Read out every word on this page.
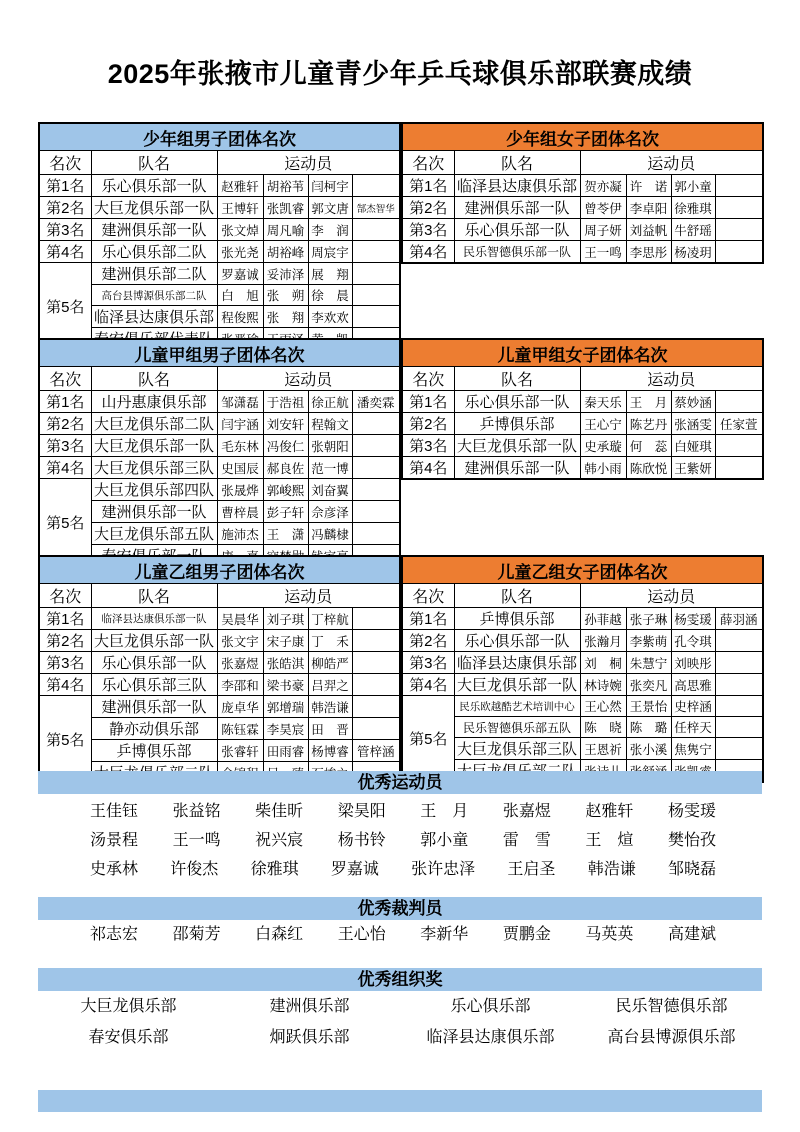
2025年张掖市儿童青少年乒乓球俱乐部联赛成绩
少年组男子团体名次					
名次	队名	运动员			
第1名	乐心俱乐部一队	赵雅轩	胡裕苇	闫柯宇	
第2名	大巨龙俱乐部一队	王博轩	张凯睿	郭文唐	郜杰智华
第3名	建洲俱乐部一队	张文焯	周凡喻	李　润	
第4名	乐心俱乐部二队	张光尧	胡裕峰	周宸宇	
第5名	建洲俱乐部二队	罗嘉诚	妥沛泽	展　翔	
	高台县博源俱乐部二队	白　旭	张　朔	徐　晨	
	临泽县达康俱乐部	程俊熙	张　翔	李欢欢	

少年组女子团体名次					
名次	队名	运动员			
第1名	临泽县达康俱乐部	贺亦凝	许　诺	郭小童	
第2名	建洲俱乐部一队	曾苓伊	李卓阳	徐雅琪	
第3名	乐心俱乐部一队	周子妍	刘益帆	牛舒瑶	
第4名	民乐智德俱乐部一队	王一鸣	李思彤	杨凌玥	
儿童甲组男子团体名次					
名次	队名	运动员			
第1名	山丹惠康俱乐部	邹潇磊	于浩祖	徐正航	潘奕霖
第2名	大巨龙俱乐部二队	闫宇涵	刘安轩	程翰文	
第3名	大巨龙俱乐部一队	毛东林	冯俊仁	张朝阳	
第4名	大巨龙俱乐部三队	史国辰	郝良佐	范一博	
第5名	大巨龙俱乐部四队	张晟烨	郭峻熙	刘奋翼	
	建洲俱乐部一队	曹梓晨	彭子轩	佘彦泽	
	大巨龙俱乐部五队	施沛杰	王　潇	冯麟棣	

儿童甲组女子团体名次					
名次	队名	运动员			
第1名	乐心俱乐部一队	秦天乐	王　月	蔡妙涵	
第2名	乒博俱乐部	王心宁	陈艺丹	张涵雯	任家萱
第3名	大巨龙俱乐部一队	史承璇	何　蕊	白娅琪	
第4名	建洲俱乐部一队	韩小雨	陈欣悦	王紫妍	
儿童乙组男子团体名次					
名次	队名	运动员			
第1名	临泽县达康俱乐部一队	吴晨华	刘子琪	丁梓航	
第2名	大巨龙俱乐部一队	张文宇	宋子康	丁　禾	
第3名	乐心俱乐部一队	张嘉煜	张皓淇	柳皓严	
第4名	乐心俱乐部三队	李邵和	梁书豪	吕羿之	
第5名	建洲俱乐部一队	庞卓华	郭增瑞	韩浩谦	
	静亦动俱乐部	陈钰霖	李昊宸	田　晋	
	乒博俱乐部	张睿轩	田雨睿	杨博睿	管梓涵

儿童乙组女子团体名次					
名次	队名	运动员			
第1名	乒博俱乐部	孙菲越	张子琳	杨雯瑗	薛羽涵
第2名	乐心俱乐部一队	张瀚月	李紫萌	孔令琪	
第3名	临泽县达康俱乐部	刘　桐	朱慧宁	刘映彤	
第4名	大巨龙俱乐部一队	林诗婉	张奕凡	高思雅	
第5名	民乐欧越酷艺术培训中心	王心然	王景怡	史梓涵	
	民乐智德俱乐部五队	陈　晓	陈　璐	任梓天	
	大巨龙俱乐部三队	王恩祈	张小溪	焦隽宁	

优秀运动员
王佳钰 张益铭 柴佳昕 梁昊阳 王　月 张嘉煜 赵雅轩 杨雯瑗
汤景程 王一鸣 祝兴宸 杨书铃 郭小童 雷　雪 王　煊 樊怡孜
史承林 许俊杰 徐雅琪 罗嘉诚 张许忠泽 王启圣 韩浩谦 邹晓磊
优秀裁判员
祁志宏 邵菊芳 白森红 王心怡 李新华 贾鹏金 马英英 高建斌
优秀组织奖
大巨龙俱乐部	建洲俱乐部	乐心俱乐部	民乐智德俱乐部
春安俱乐部	炯跃俱乐部	临泽县达康俱乐部	高台县博源俱乐部
